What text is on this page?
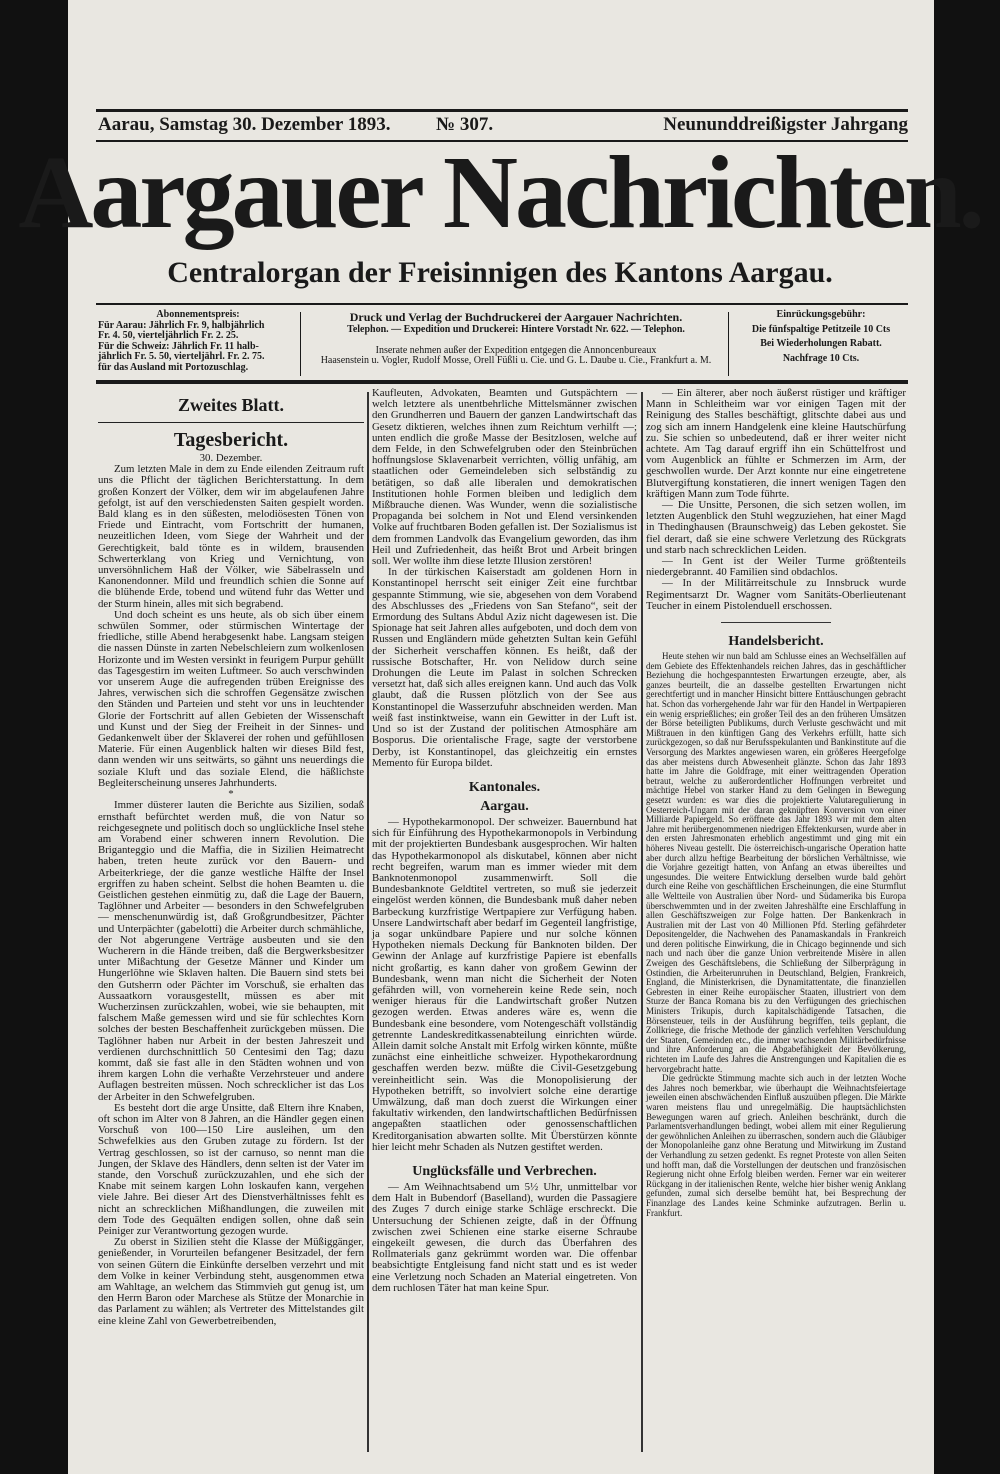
Aarau, Samstag 30. Dezember 1893. № 307.	Neununddreißigster Jahrgang
Aargauer Nachrichten.
Centralorgan der Freisinnigen des Kantons Aargau.

Abonnementspreis:

Für Aarau: Jährlich Fr. 9, halbjährlich

Fr. 4. 50, vierteljährlich Fr. 2. 25.

Für die Schweiz: Jährlich Fr. 11 halb-

jährlich Fr. 5. 50, vierteljährl. Fr. 2. 75.

für das Ausland mit Portozuschlag.

Druck und Verlag der Buchdruckerei der Aargauer Nachrichten.

Telephon. — Expedition und Druckerei: Hintere Vorstadt Nr. 622. — Telephon.

Inserate nehmen außer der Expedition entgegen die Annoncenbureaux

Haasenstein u. Vogler, Rudolf Mosse, Orell Füßli u. Cie. und G. L. Daube u. Cie., Frankfurt a. M.

Einrückungsgebühr:

Die fünfspaltige Petitzeile 10 Cts

Bei Wiederholungen Rabatt.

Nachfrage 10 Cts.

Zweites Blatt.
Tagesbericht.

30. Dezember.

Zum letzten Male in dem zu Ende eilenden Zeitraum ruft uns die Pflicht der täglichen Berichterstattung. In dem großen Konzert der Völker, dem wir im abgelaufenen Jahre gefolgt, ist auf den verschiedensten Saiten gespielt worden. Bald klang es in den süßesten, melodiösesten Tönen von Friede und Eintracht, vom Fortschritt der humanen, neuzeitlichen Ideen, vom Siege der Wahrheit und der Gerechtigkeit, bald tönte es in wildem, brausenden Schwerterklang von Krieg und Vernichtung, von unversöhnlichem Haß der Völker, wie Säbelrasseln und Kanonendonner. Mild und freundlich schien die Sonne auf die blühende Erde, tobend und wütend fuhr das Wetter und der Sturm hinein, alles mit sich begrabend.

Und doch scheint es uns heute, als ob sich über einem schwülen Sommer, oder stürmischen Wintertage der friedliche, stille Abend herabgesenkt habe. Langsam steigen die nassen Dünste in zarten Nebelschleiern zum wolkenlosen Horizonte und im Westen versinkt in feurigem Purpur gehüllt das Tagesgestirn im weiten Luftmeer. So auch verschwinden vor unserem Auge die aufregenden trüben Ereignisse des Jahres, verwischen sich die schroffen Gegensätze zwischen den Ständen und Parteien und steht vor uns in leuchtender Glorie der Fortschritt auf allen Gebieten der Wissenschaft und Kunst und der Sieg der Freiheit in der Sinnes- und Gedankenwelt über der Sklaverei der rohen und gefühllosen Materie. Für einen Augenblick halten wir dieses Bild fest, dann wenden wir uns seitwärts, so gähnt uns neuerdings die soziale Kluft und das soziale Elend, die häßlichste Begleiterscheinung unseres Jahrhunderts.

*

Immer düsterer lauten die Berichte aus Sizilien, sodaß ernsthaft befürchtet werden muß, die von Natur so reichgesegnete und politisch doch so unglückliche Insel stehe am Vorabend einer schweren innern Revolution. Die Briganteggio und die Maffia, die in Sizilien Heimatrecht haben, treten heute zurück vor den Bauern- und Arbeiterkriege, der die ganze westliche Hälfte der Insel ergriffen zu haben scheint. Selbst die hohen Beamten u. die Geistlichen gestehen einmütig zu, daß die Lage der Bauern, Taglöhner und Arbeiter — besonders in den Schwefelgruben — menschenunwürdig ist, daß Großgrundbesitzer, Pächter und Unterpächter (gabelotti) die Arbeiter durch schmähliche, der Not abgerungene Verträge ausbeuten und sie den Wucherern in die Hände treiben, daß die Bergwerksbesitzer unter Mißachtung der Gesetze Männer und Kinder um Hungerlöhne wie Sklaven halten. Die Bauern sind stets bei den Gutsherrn oder Pächter im Vorschuß, sie erhalten das Aussaatkorn vorausgestellt, müssen es aber mit Wucherzinsen zurückzahlen, wobei, wie sie behaupten, mit falschem Maße gemessen wird und sie für schlechtes Korn solches der besten Beschaffenheit zurückgeben müssen. Die Taglöhner haben nur Arbeit in der besten Jahreszeit und verdienen durchschnittlich 50 Centesimi den Tag; dazu kommt, daß sie fast alle in den Städten wohnen und von ihrem kargen Lohn die verhaßte Verzehrsteuer und andere Auflagen bestreiten müssen. Noch schrecklicher ist das Los der Arbeiter in den Schwefelgruben.

Es besteht dort die arge Unsitte, daß Eltern ihre Knaben, oft schon im Alter von 8 Jahren, an die Händler gegen einen Vorschuß von 100—150 Lire ausleihen, um den Schwefelkies aus den Gruben zutage zu fördern. Ist der Vertrag geschlossen, so ist der carnuso, so nennt man die Jungen, der Sklave des Händlers, denn selten ist der Vater im stande, den Vorschuß zurückzuzahlen, und ehe sich der Knabe mit seinem kargen Lohn loskaufen kann, vergehen viele Jahre. Bei dieser Art des Dienstverhältnisses fehlt es nicht an schrecklichen Mißhandlungen, die zuweilen mit dem Tode des Gequälten endigen sollen, ohne daß sein Peiniger zur Verantwortung gezogen wurde.

Zu oberst in Sizilien steht die Klasse der Müßiggänger, genießender, in Vorurteilen befangener Besitzadel, der fern von seinen Gütern die Einkünfte derselben verzehrt und mit dem Volke in keiner Verbindung steht, ausgenommen etwa am Wahltage, an welchem das Stimmvieh gut genug ist, um den Herrn Baron oder Marchese als Stütze der Monarchie in das Parlament zu wählen; als Vertreter des Mittelstandes gilt eine kleine Zahl von Gewerbetreibenden,

Kaufleuten, Advokaten, Beamten und Gutspächtern — welch letztere als unentbehrliche Mittelsmänner zwischen den Grundherren und Bauern der ganzen Landwirtschaft das Gesetz diktieren, welches ihnen zum Reichtum verhilft —; unten endlich die große Masse der Besitzlosen, welche auf dem Felde, in den Schwefelgruben oder den Steinbrüchen hoffnungslose Sklavenarbeit verrichten, völlig unfähig, am staatlichen oder Gemeindeleben sich selbständig zu betätigen, so daß alle liberalen und demokratischen Institutionen hohle Formen bleiben und lediglich dem Mißbrauche dienen. Was Wunder, wenn die sozialistische Propaganda bei solchem in Not und Elend versinkenden Volke auf fruchtbaren Boden gefallen ist. Der Sozialismus ist dem frommen Landvolk das Evangelium geworden, das ihm Heil und Zufriedenheit, das heißt Brot und Arbeit bringen soll. Wer wollte ihm diese letzte Illusion zerstören!

In der türkischen Kaiserstadt am goldenen Horn in Konstantinopel herrscht seit einiger Zeit eine furchtbar gespannte Stimmung, wie sie, abgesehen von dem Vorabend des Abschlusses des „Friedens von San Stefano“, seit der Ermordung des Sultans Abdul Aziz nicht dagewesen ist. Die Spionage hat seit Jahren alles aufgeboten, und doch dem von Russen und Engländern müde gehetzten Sultan kein Gefühl der Sicherheit verschaffen können. Es heißt, daß der russische Botschafter, Hr. von Nelidow durch seine Drohungen die Leute im Palast in solchen Schrecken versetzt hat, daß sich alles ereignen kann. Und auch das Volk glaubt, daß die Russen plötzlich von der See aus Konstantinopel die Wasserzufuhr abschneiden werden. Man weiß fast instinktweise, wann ein Gewitter in der Luft ist. Und so ist der Zustand der politischen Atmosphäre am Bosporus. Die orientalische Frage, sagte der verstorbene Derby, ist Konstantinopel, das gleichzeitig ein ernstes Memento für Europa bildet.

Kantonales.
Aargau.

— Hypothekarmonopol. Der schweizer. Bauernbund hat sich für Einführung des Hypothekarmonopols in Verbindung mit der projektierten Bundesbank ausgesprochen. Wir halten das Hypothekarmonopol als diskutabel, können aber nicht recht begreifen, warum man es immer wieder mit dem Banknotenmonopol zusammenwirft. Soll die Bundesbanknote Geldtitel vertreten, so muß sie jederzeit eingelöst werden können, die Bundesbank muß daher neben Barbeckung kurzfristige Wertpapiere zur Verfügung haben. Unsere Landwirtschaft aber bedarf im Gegenteil langfristige, ja sogar unkündbare Papiere und nur solche können Hypotheken niemals Deckung für Banknoten bilden. Der Gewinn der Anlage auf kurzfristige Papiere ist ebenfalls nicht großartig, es kann daher von großem Gewinn der Bundesbank, wenn man nicht die Sicherheit der Noten gefährden will, von vorneherein keine Rede sein, noch weniger hieraus für die Landwirtschaft großer Nutzen gezogen werden. Etwas anderes wäre es, wenn die Bundesbank eine besondere, vom Notengeschäft vollständig getrennte Landeskreditkassenabteilung einrichten würde. Allein damit solche Anstalt mit Erfolg wirken könnte, müßte zunächst eine einheitliche schweizer. Hypothekarordnung geschaffen werden bezw. müßte die Civil-Gesetzgebung vereinheitlicht sein. Was die Monopolisierung der Hypotheken betrifft, so involviert solche eine derartige Umwälzung, daß man doch zuerst die Wirkungen einer fakultativ wirkenden, den landwirtschaftlichen Bedürfnissen angepaßten staatlichen oder genossenschaftlichen Kreditorganisation abwarten sollte. Mit Überstürzen könnte hier leicht mehr Schaden als Nutzen gestiftet werden.

Unglücksfälle und Verbrechen.

— Am Weihnachtsabend um 5½ Uhr, unmittelbar vor dem Halt in Bubendorf (Baselland), wurden die Passagiere des Zuges 7 durch einige starke Schläge erschreckt. Die Untersuchung der Schienen zeigte, daß in der Öffnung zwischen zwei Schienen eine starke eiserne Schraube eingekeilt gewesen, die durch das Überfahren des Rollmaterials ganz gekrümmt worden war. Die offenbar beabsichtigte Entgleisung fand nicht statt und es ist weder eine Verletzung noch Schaden an Material eingetreten. Von dem ruchlosen Täter hat man keine Spur.

— Ein älterer, aber noch äußerst rüstiger und kräftiger Mann in Schleitheim war vor einigen Tagen mit der Reinigung des Stalles beschäftigt, glitschte dabei aus und zog sich am innern Handgelenk eine kleine Hautschürfung zu. Sie schien so unbedeutend, daß er ihrer weiter nicht achtete. Am Tag darauf ergriff ihn ein Schüttelfrost und vom Augenblick an fühlte er Schmerzen im Arm, der geschwollen wurde. Der Arzt konnte nur eine eingetretene Blutvergiftung konstatieren, die innert wenigen Tagen den kräftigen Mann zum Tode führte.

— Die Unsitte, Personen, die sich setzen wollen, im letzten Augenblick den Stuhl wegzuziehen, hat einer Magd in Thedinghausen (Braunschweig) das Leben gekostet. Sie fiel derart, daß sie eine schwere Verletzung des Rückgrats und starb nach schrecklichen Leiden.

— In Gent ist der Weiler Turme größtenteils niedergebrannt. 40 Familien sind obdachlos.

— In der Militärreitschule zu Innsbruck wurde Regimentsarzt Dr. Wagner vom Sanitäts-Oberlieutenant Teucher in einem Pistolenduell erschossen.

Handelsbericht.

Heute stehen wir nun bald am Schlusse eines an Wechselfällen auf dem Gebiete des Effektenhandels reichen Jahres, das in geschäftlicher Beziehung die hochgespanntesten Erwartungen erzeugte, aber, als ganzes beurteilt, die an dasselbe gestellten Erwartungen nicht gerechtfertigt und in mancher Hinsicht bittere Enttäuschungen gebracht hat. Schon das vorhergehende Jahr war für den Handel in Wertpapieren ein wenig ersprießliches; ein großer Teil des an den früheren Umsätzen der Börse beteiligten Publikums, durch Verluste geschwächt und mit Mißtrauen in den künftigen Gang des Verkehrs erfüllt, hatte sich zurückgezogen, so daß nur Berufsspekulanten und Bankinstitute auf die Versorgung des Marktes angewiesen waren, ein größeres Heergefolge das aber meistens durch Abwesenheit glänzte. Schon das Jahr 1893 hatte im Jahre die Goldfrage, mit einer weittragenden Operation betraut, welche zu außerordentlicher Hoffnungen verbreitet und mächtige Hebel von starker Hand zu dem Gelingen in Bewegung gesetzt wurden: es war dies die projektierte Valutaregulierung in Oesterreich-Ungarn mit der daran geknüpften Konversion von einer Milliarde Papiergeld. So eröffnete das Jahr 1893 wir mit dem alten Jahre mit herübergenommenen niedrigen Effektenkursen, wurde aber in den ersten Jahresmonaten erheblich angestimmt und ging mit ein höheres Niveau gestellt. Die österreichisch-ungarische Operation hatte aber durch allzu heftige Bearbeitung der börslichen Verhältnisse, wie die Vorjahre gezeitigt hatten, von Anfang an etwas übereiltes und ungesundes. Die weitere Entwicklung derselben wurde bald gehört durch eine Reihe von geschäftlichen Erscheinungen, die eine Sturmflut alle Weltteile von Australien über Nord- und Südamerika bis Europa überschwemmten und in der zweiten Jahreshälfte eine Erschlaffung in allen Geschäftszweigen zur Folge hatten. Der Bankenkrach in Australien mit der Last von 40 Millionen Pfd. Sterling gefährdeter Depositengelder, die Nachwehen des Panamaskandals in Frankreich und deren politische Einwirkung, die in Chicago beginnende und sich nach und nach über die ganze Union verbreitende Misère in allen Zweigen des Geschäftslebens, die Schließung der Silberprägung in Ostindien, die Arbeiterunruhen in Deutschland, Belgien, Frankreich, England, die Ministerkrisen, die Dynamitattentate, die finanziellen Gebresten in einer Reihe europäischer Staaten, illustriert von dem Sturze der Banca Romana bis zu den Verfügungen des griechischen Ministers Trikupis, durch kapitalschädigende Tatsachen, die Börsensteuer, teils in der Ausführung begriffen, teils geplant, die Zollkriege, die frische Methode der gänzlich verfehlten Verschuldung der Staaten, Gemeinden etc., die immer wachsenden Militärbedürfnisse und ihre Anforderung an die Abgabefähigkeit der Bevölkerung, richteten im Laufe des Jahres die Anstrengungen und Kapitalien die es hervorgebracht hatte.

Die gedrückte Stimmung machte sich auch in der letzten Woche des Jahres noch bemerkbar, wie überhaupt die Weihnachtsfeiertage jeweilen einen abschwächenden Einfluß auszuüben pflegen. Die Märkte waren meistens flau und unregelmäßig. Die hauptsächlichsten Bewegungen waren auf griech. Anleihen beschränkt, durch die Parlamentsverhandlungen bedingt, wobei allem mit einer Regulierung der gewöhnlichen Anleihen zu überraschen, sondern auch die Gläubiger der Monopolanleihe ganz ohne Beratung und Mitwirkung im Zustand der Verhandlung zu setzen gedenkt. Es regnet Proteste von allen Seiten und hofft man, daß die Vorstellungen der deutschen und französischen Regierung nicht ohne Erfolg bleiben werden. Ferner war ein weiterer Rückgang in der italienischen Rente, welche hier bisher wenig Anklang gefunden, zumal sich derselbe bemüht hat, bei Besprechung der Finanzlage des Landes keine Schminke aufzutragen. Berlin u. Frankfurt.
